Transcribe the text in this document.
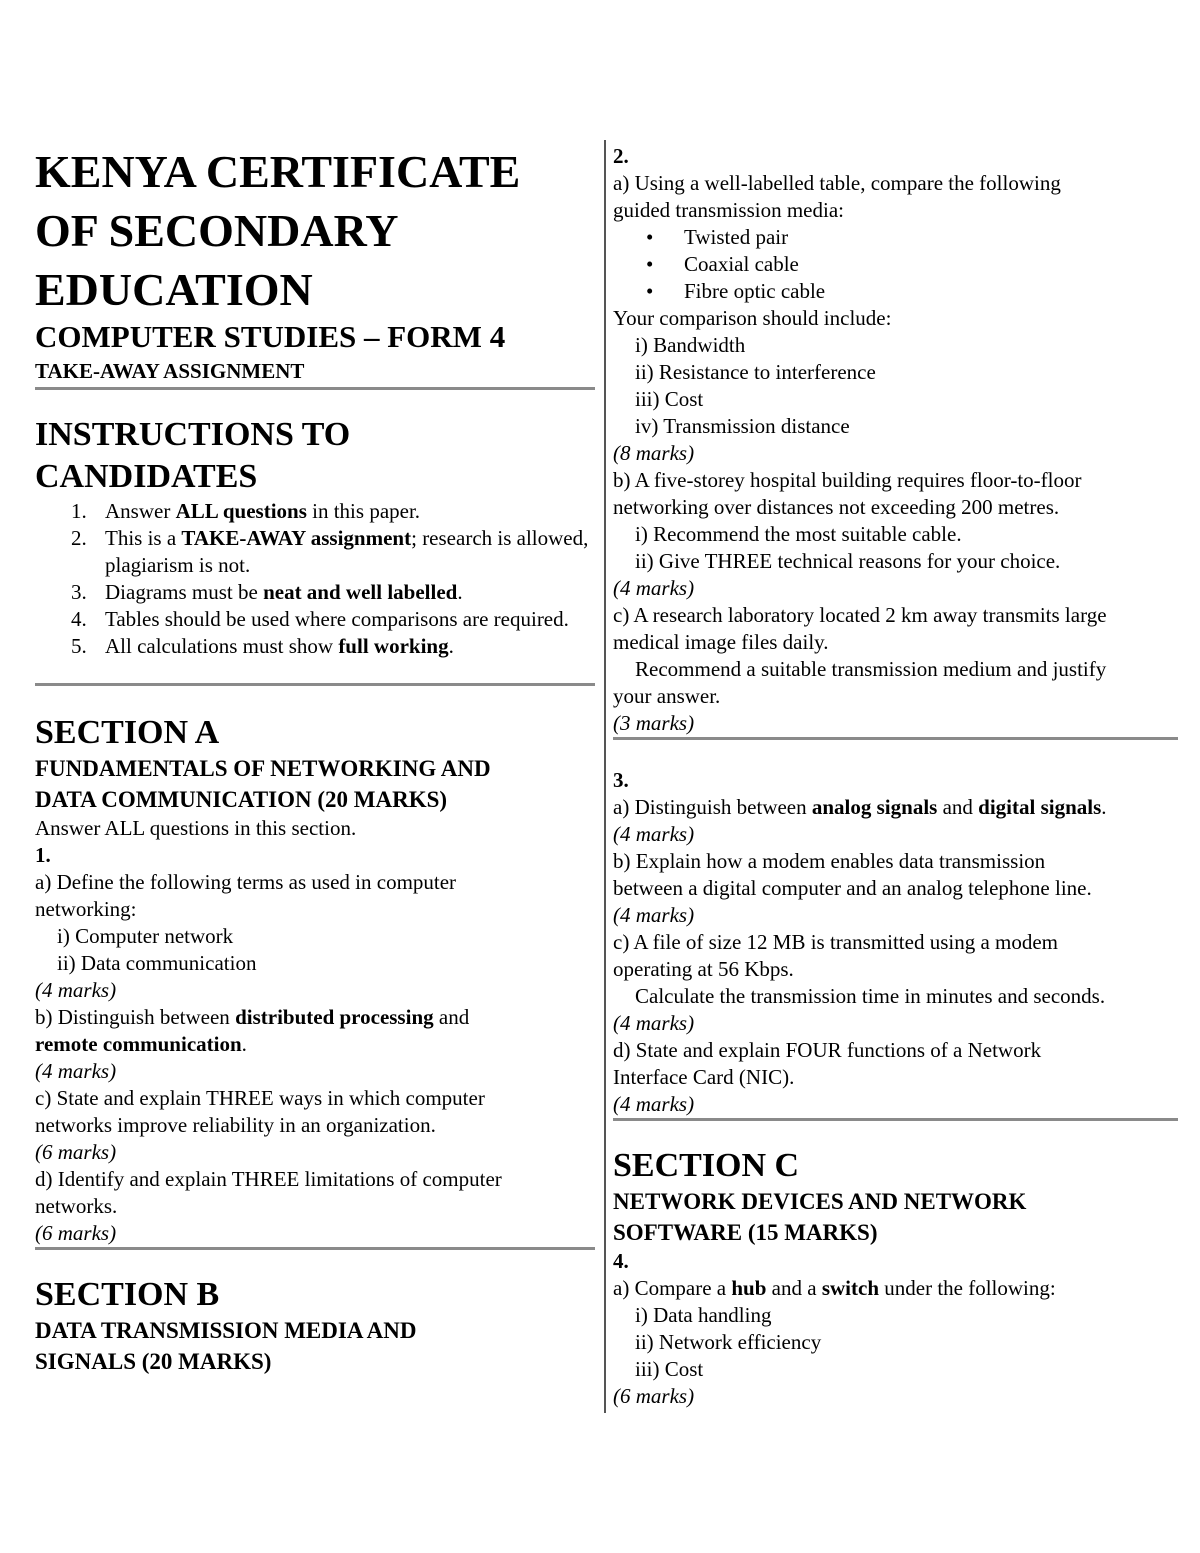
KENYA CERTIFICATE
OF SECONDARY
EDUCATION
COMPUTER STUDIES – FORM 4
TAKE-AWAY ASSIGNMENT
INSTRUCTIONS TO
CANDIDATES
1. Answer ALL questions in this paper.
2. This is a TAKE-AWAY assignment; research is allowed, plagiarism is not.
3. Diagrams must be neat and well labelled.
4. Tables should be used where comparisons are required.
5. All calculations must show full working.
SECTION A
FUNDAMENTALS OF NETWORKING AND
DATA COMMUNICATION (20 MARKS)
Answer ALL questions in this section.
1.
a) Define the following terms as used in computer
networking:
i) Computer network
ii) Data communication
(4 marks)
b) Distinguish between distributed processing and
remote communication.
(4 marks)
c) State and explain THREE ways in which computer
networks improve reliability in an organization.
(6 marks)
d) Identify and explain THREE limitations of computer
networks.
(6 marks)
SECTION B
DATA TRANSMISSION MEDIA AND
SIGNALS (20 MARKS)
2.
a) Using a well-labelled table, compare the following
guided transmission media:
• Twisted pair
• Coaxial cable
• Fibre optic cable
Your comparison should include:
i) Bandwidth
ii) Resistance to interference
iii) Cost
iv) Transmission distance
(8 marks)
b) A five-storey hospital building requires floor-to-floor
networking over distances not exceeding 200 metres.
i) Recommend the most suitable cable.
ii) Give THREE technical reasons for your choice.
(4 marks)
c) A research laboratory located 2 km away transmits large
medical image files daily.
Recommend a suitable transmission medium and justify
your answer.
(3 marks)
3.
a) Distinguish between analog signals and digital signals.
(4 marks)
b) Explain how a modem enables data transmission
between a digital computer and an analog telephone line.
(4 marks)
c) A file of size 12 MB is transmitted using a modem
operating at 56 Kbps.
Calculate the transmission time in minutes and seconds.
(4 marks)
d) State and explain FOUR functions of a Network
Interface Card (NIC).
(4 marks)
SECTION C
NETWORK DEVICES AND NETWORK
SOFTWARE (15 MARKS)
4.
a) Compare a hub and a switch under the following:
i) Data handling
ii) Network efficiency
iii) Cost
(6 marks)
